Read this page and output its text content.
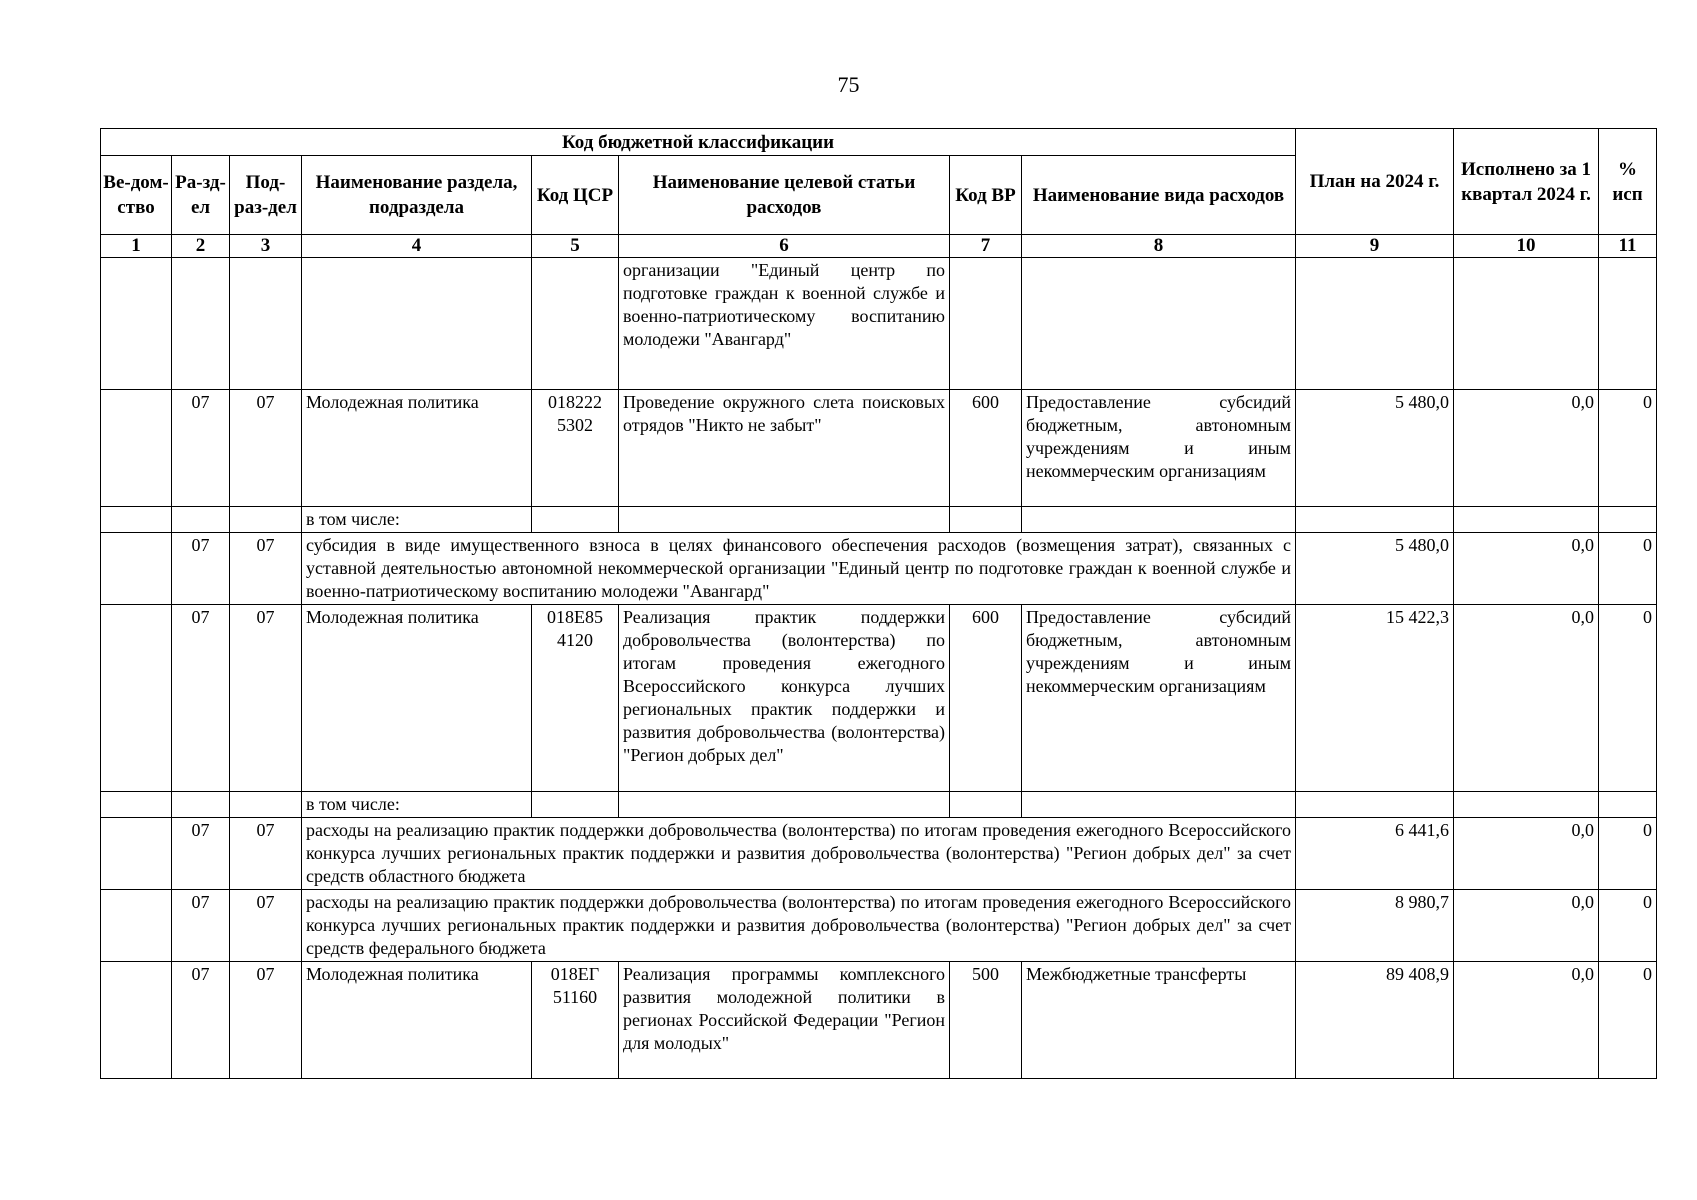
75
Код бюджетной классификации								План на 2024 г.	Исполнено за 1 квартал 2024 г.	% исп
Ве-дом-ство	Ра-зд-ел	Под-раз-дел	Наименование раздела, подраздела	Код ЦСР	Наименование целевой статьи расходов	Код ВР	Наименование вида расходов			
1	2	3	4	5	6	7	8	9	10	11
					организации "Единый центр по подготовке граждан к военной службе и военно-патриотическому воспитанию молодежи "Авангард"					
	07	07	Молодежная политика	018222 5302	Проведение окружного слета поисковых отрядов "Никто не забыт"	600	Предоставление субсидий бюджетным, автономным учреждениям и иным некоммерческим организациям	5 480,0	0,0	0
			в том числе:							
	07	07	субсидия в виде имущественного взноса в целях финансового обеспечения расходов (возмещения затрат), связанных с уставной деятельностью автономной некоммерческой организации "Единый центр по подготовке граждан к военной службе и военно-патриотическому воспитанию молодежи "Авангард"					5 480,0	0,0	0
	07	07	Молодежная политика	018Е85 4120	Реализация практик поддержки добровольчества (волонтерства) по итогам проведения ежегодного Всероссийского конкурса лучших региональных практик поддержки и развития добровольчества (волонтерства) "Регион добрых дел"	600	Предоставление субсидий бюджетным, автономным учреждениям и иным некоммерческим организациям	15 422,3	0,0	0
			в том числе:							
	07	07	расходы на реализацию практик поддержки добровольчества (волонтерства) по итогам проведения ежегодного Всероссийского конкурса лучших региональных практик поддержки и развития добровольчества (волонтерства) "Регион добрых дел" за счет средств областного бюджета					6 441,6	0,0	0
	07	07	расходы на реализацию практик поддержки добровольчества (волонтерства) по итогам проведения ежегодного Всероссийского конкурса лучших региональных практик поддержки и развития добровольчества (волонтерства) "Регион добрых дел" за счет средств федерального бюджета					8 980,7	0,0	0
	07	07	Молодежная политика	018ЕГ 51160	Реализация программы комплексного развития молодежной политики в регионах Российской Федерации "Регион для молодых"	500	Межбюджетные трансферты	89 408,9	0,0	0
